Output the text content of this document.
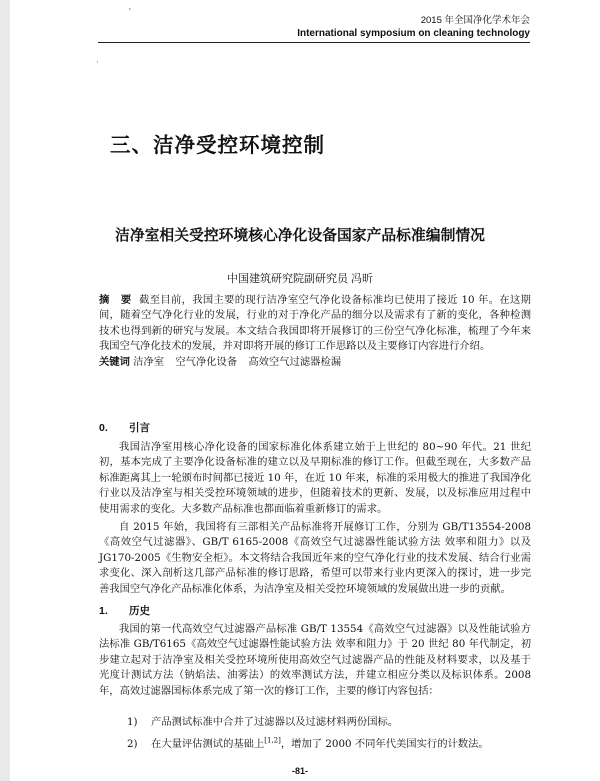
ʼ
·
2015 年全国净化学术年会
International symposium on cleaning technology
三、洁净受控环境控制
洁净室相关受控环境核心净化设备国家产品标准编制情况
中国建筑研究院副研究员 冯昕

摘 要 截至目前，我国主要的现行洁净室空气净化设备标准均已使用了接近 10 年。在这期间，随着空气净化行业的发展，行业的对于净化产品的细分以及需求有了新的变化，各种检测技术也得到新的研究与发展。本文结合我国即将开展修订的三份空气净化标准，梳理了今年来我国空气净化技术的发展，并对即将开展的修订工作思路以及主要修订内容进行介绍。

关键词 洁净室 空气净化设备 高效空气过滤器检漏

0. 引言

我国洁净室用核心净化设备的国家标准化体系建立始于上世纪的 80~90 年代。21 世纪初，基本完成了主要净化设备标准的建立以及早期标准的修订工作。但截至现在，大多数产品标准距离其上一轮颁布时间都已接近 10 年，在近 10 年来，标准的采用极大的推进了我国净化行业以及洁净室与相关受控环境领域的进步，但随着技术的更新、发展，以及标准应用过程中使用需求的变化。大多数产品标准也都面临着重新修订的需求。

自 2015 年始，我国将有三部相关产品标准将开展修订工作，分别为 GB/T13554-2008《高效空气过滤器》、GB/T 6165-2008《高效空气过滤器性能试验方法 效率和阻力》以及 JG170-2005《生物安全柜》。本文将结合我国近年来的空气净化行业的技术发展、结合行业需求变化、深入剖析这几部产品标准的修订思路，希望可以带来行业内更深入的探讨，进一步完善我国空气净化产品标准化体系，为洁净室及相关受控环境领域的发展做出进一步的贡献。

1. 历史

我国的第一代高效空气过滤器产品标准 GB/T 13554《高效空气过滤器》以及性能试验方法标准 GB/T6165《高效空气过滤器性能试验方法 效率和阻力》于 20 世纪 80 年代制定，初步建立起对于洁净室及相关受控环境所使用高效空气过滤器产品的性能及材料要求，以及基于光度计测试方法（钠焰法、油雾法）的效率测试方法，并建立相应分类以及标识体系。2008 年，高效过滤器国标体系完成了第一次的修订工作，主要的修订内容包括：

1) 产品测试标准中合并了过滤器以及过滤材料两份国标。
2) 在大量评估测试的基础上[1,2]，增加了 2000 不同年代美国实行的计数法。
-81-
